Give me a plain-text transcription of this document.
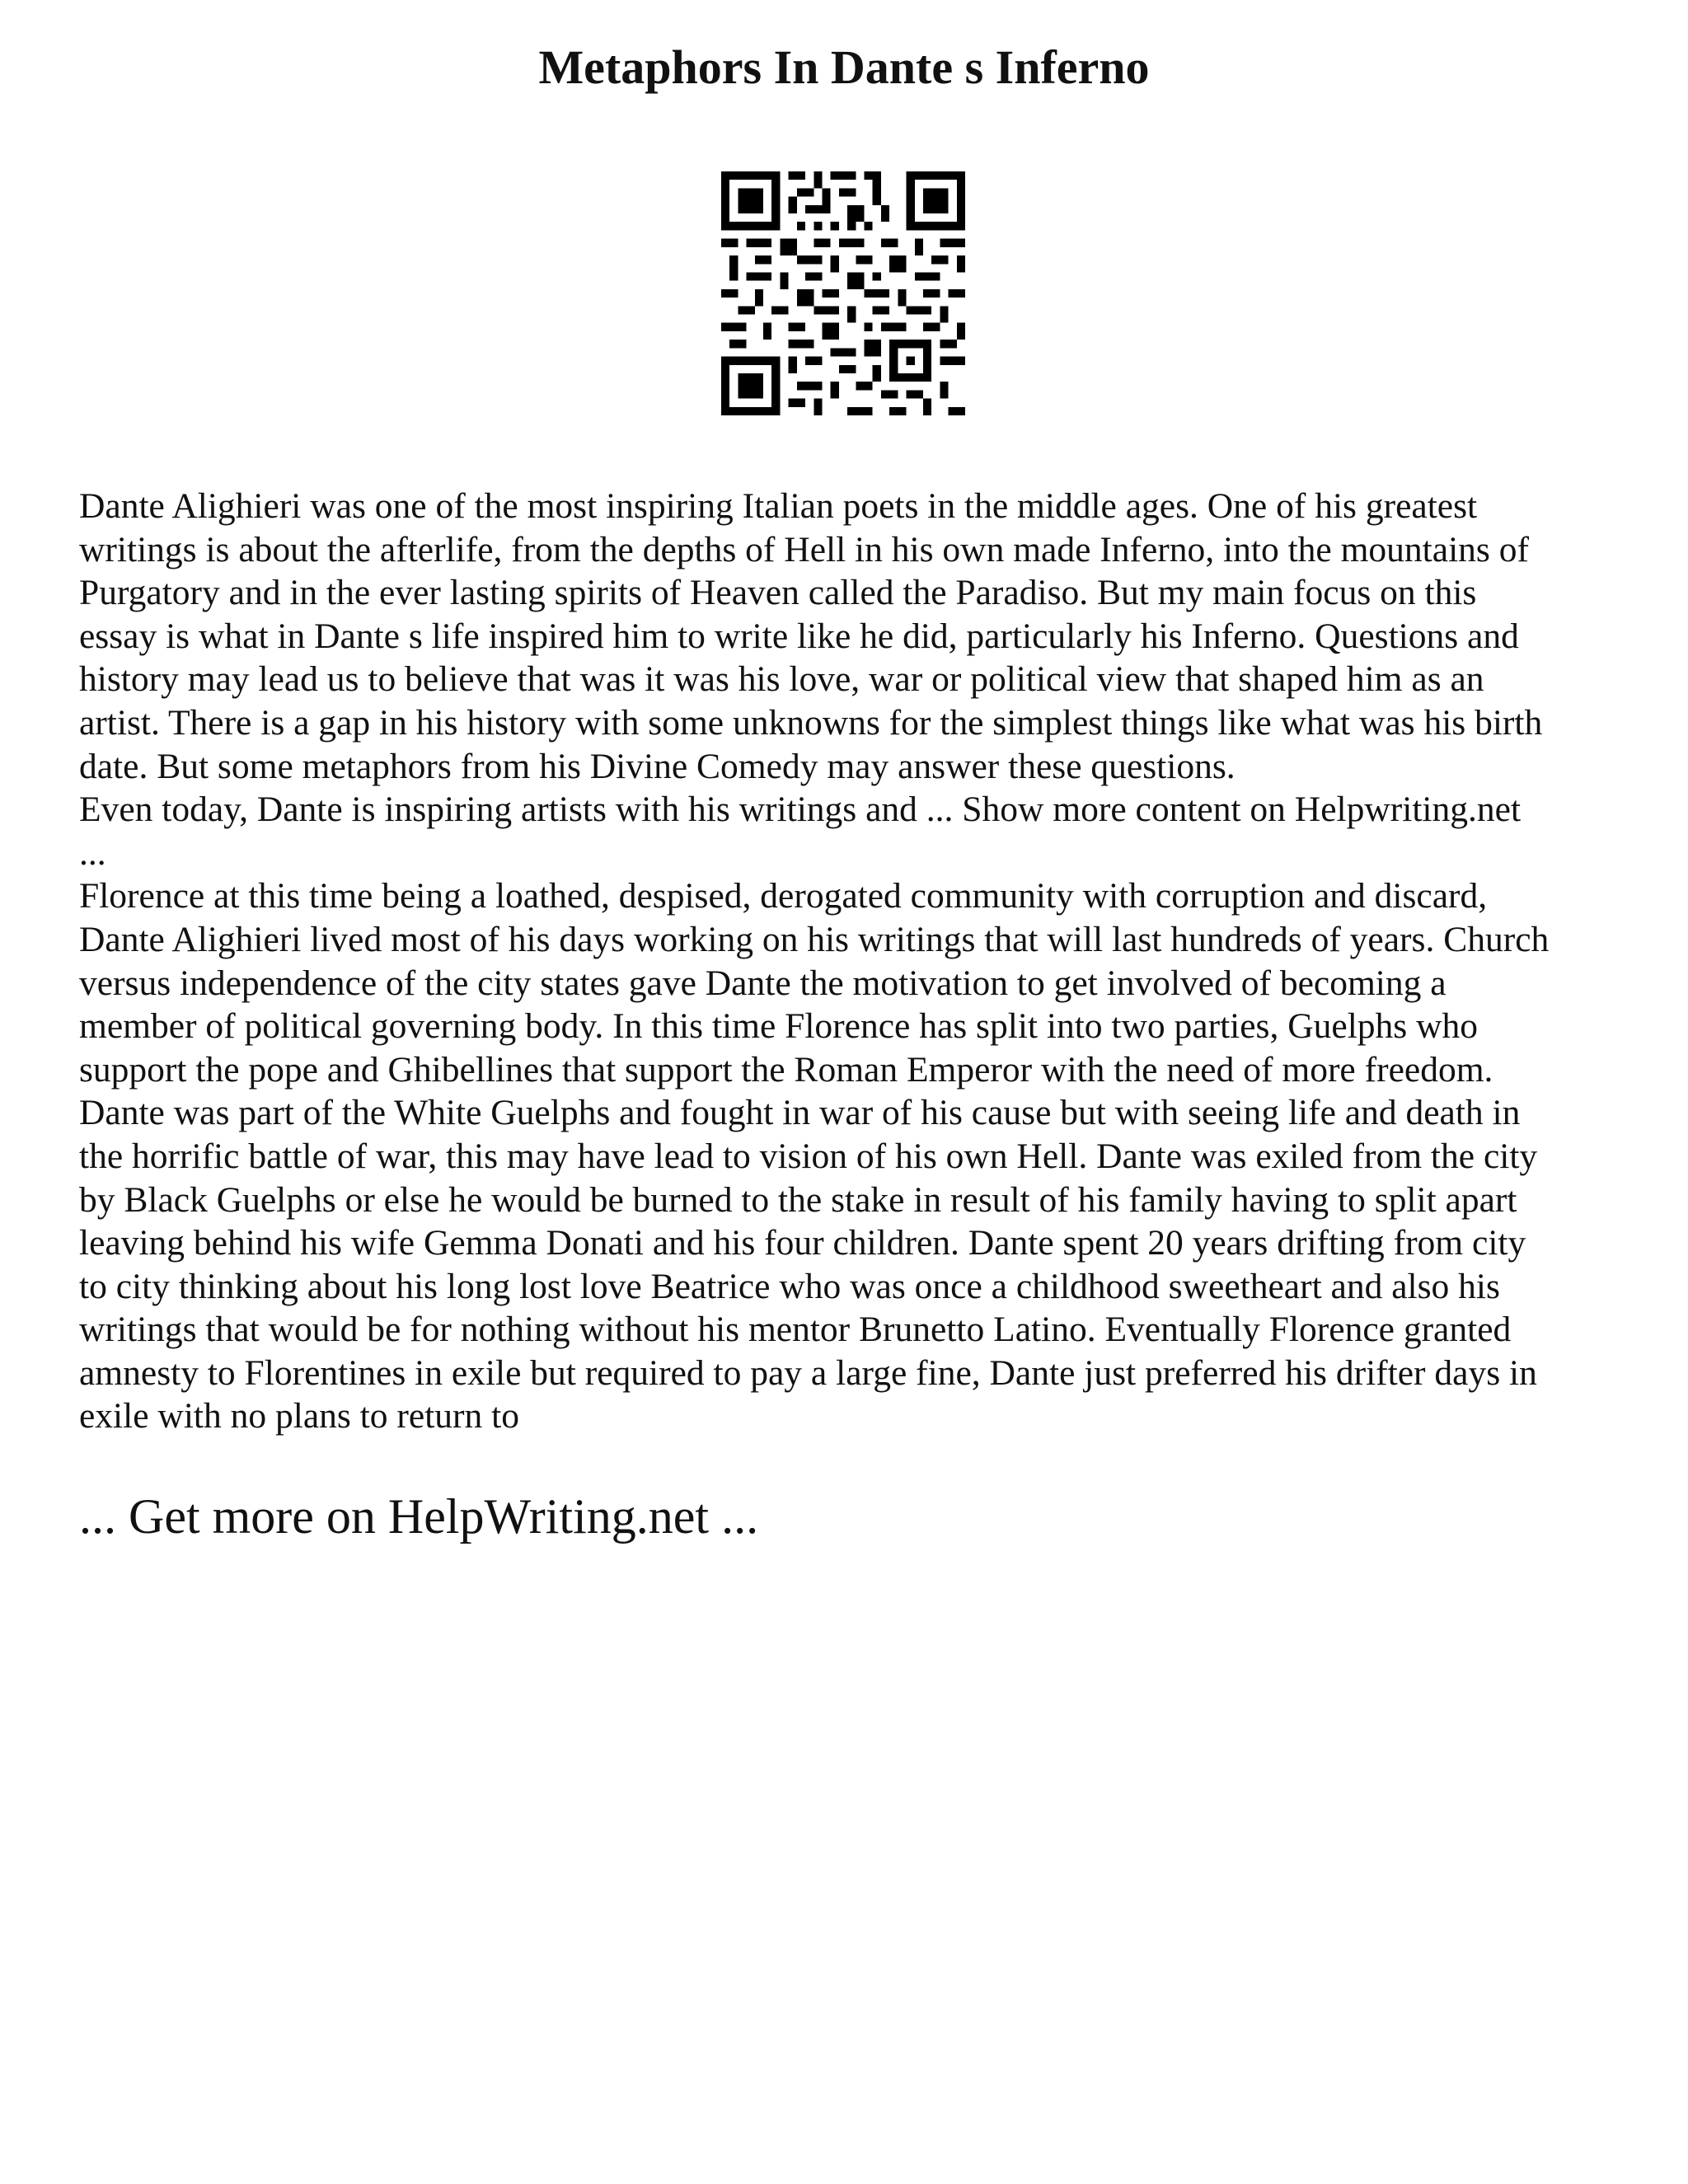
Metaphors In Dante s Inferno
Dante Alighieri was one of the most inspiring Italian poets in the middle ages. One of his greatest
writings is about the afterlife, from the depths of Hell in his own made Inferno, into the mountains of
Purgatory and in the ever lasting spirits of Heaven called the Paradiso. But my main focus on this
essay is what in Dante s life inspired him to write like he did, particularly his Inferno. Questions and
history may lead us to believe that was it was his love, war or political view that shaped him as an
artist. There is a gap in his history with some unknowns for the simplest things like what was his birth
date. But some metaphors from his Divine Comedy may answer these questions.
Even today, Dante is inspiring artists with his writings and ... Show more content on Helpwriting.net
...
Florence at this time being a loathed, despised, derogated community with corruption and discard,
Dante Alighieri lived most of his days working on his writings that will last hundreds of years. Church
versus independence of the city states gave Dante the motivation to get involved of becoming a
member of political governing body. In this time Florence has split into two parties, Guelphs who
support the pope and Ghibellines that support the Roman Emperor with the need of more freedom.
Dante was part of the White Guelphs and fought in war of his cause but with seeing life and death in
the horrific battle of war, this may have lead to vision of his own Hell. Dante was exiled from the city
by Black Guelphs or else he would be burned to the stake in result of his family having to split apart
leaving behind his wife Gemma Donati and his four children. Dante spent 20 years drifting from city
to city thinking about his long lost love Beatrice who was once a childhood sweetheart and also his
writings that would be for nothing without his mentor Brunetto Latino. Eventually Florence granted
amnesty to Florentines in exile but required to pay a large fine, Dante just preferred his drifter days in
exile with no plans to return to
... Get more on HelpWriting.net ...
